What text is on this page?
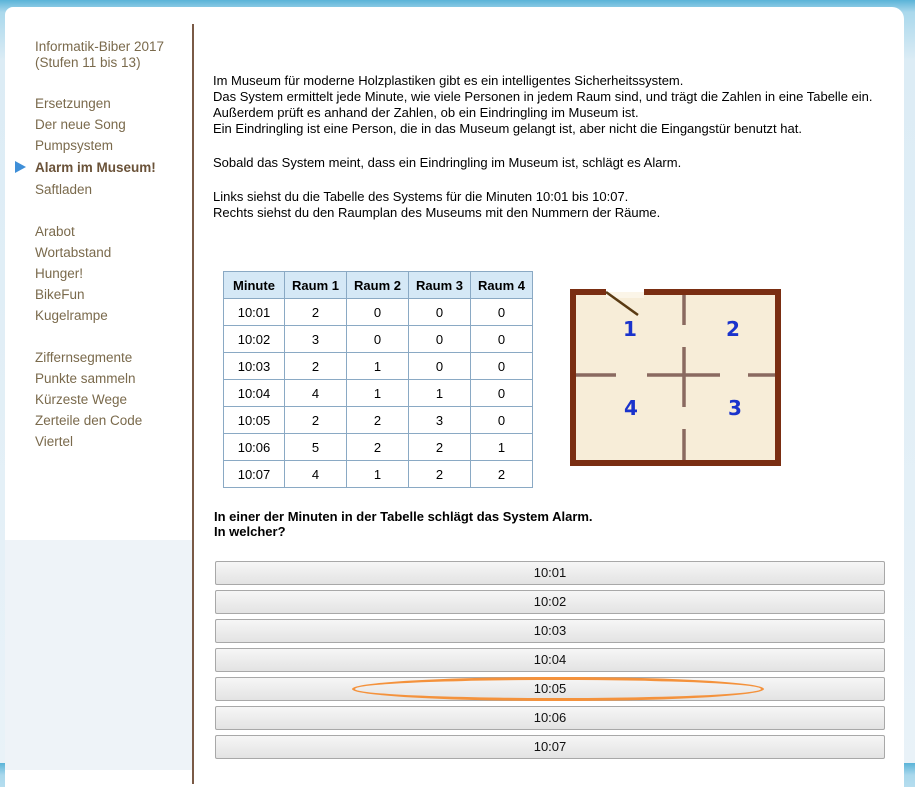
Informatik-Biber 2017
(Stufen 11 bis 13)
Ersetzungen
Der neue Song
Pumpsystem
Alarm im Museum!
Saftladen
Arabot
Wortabstand
Hunger!
BikeFun
Kugelrampe
Ziffernsegmente
Punkte sammeln
Kürzeste Wege
Zerteile den Code
Viertel

Im Museum für moderne Holzplastiken gibt es ein intelligentes Sicherheitssystem.

Das System ermittelt jede Minute, wie viele Personen in jedem Raum sind, und trägt die Zahlen in eine Tabelle ein.

Außerdem prüft es anhand der Zahlen, ob ein Eindringling im Museum ist.

Ein Eindringling ist eine Person, die in das Museum gelangt ist, aber nicht die Eingangstür benutzt hat.

Sobald das System meint, dass ein Eindringling im Museum ist, schlägt es Alarm.

Links siehst du die Tabelle des Systems für die Minuten 10:01 bis 10:07.

Rechts siehst du den Raumplan des Museums mit den Nummern der Räume.

Minute	Raum 1	Raum 2	Raum 3	Raum 4
10:01	2	0	0	0
10:02	3	0	0	0
10:03	2	1	0	0
10:04	4	1	1	0
10:05	2	2	3	0
10:06	5	2	2	1
10:07	4	1	2	2
1	2
4	3

In einer der Minuten in der Tabelle schlägt das System Alarm.

In welcher?

10:01
10:02
10:03
10:04
10:05
10:06
10:07
